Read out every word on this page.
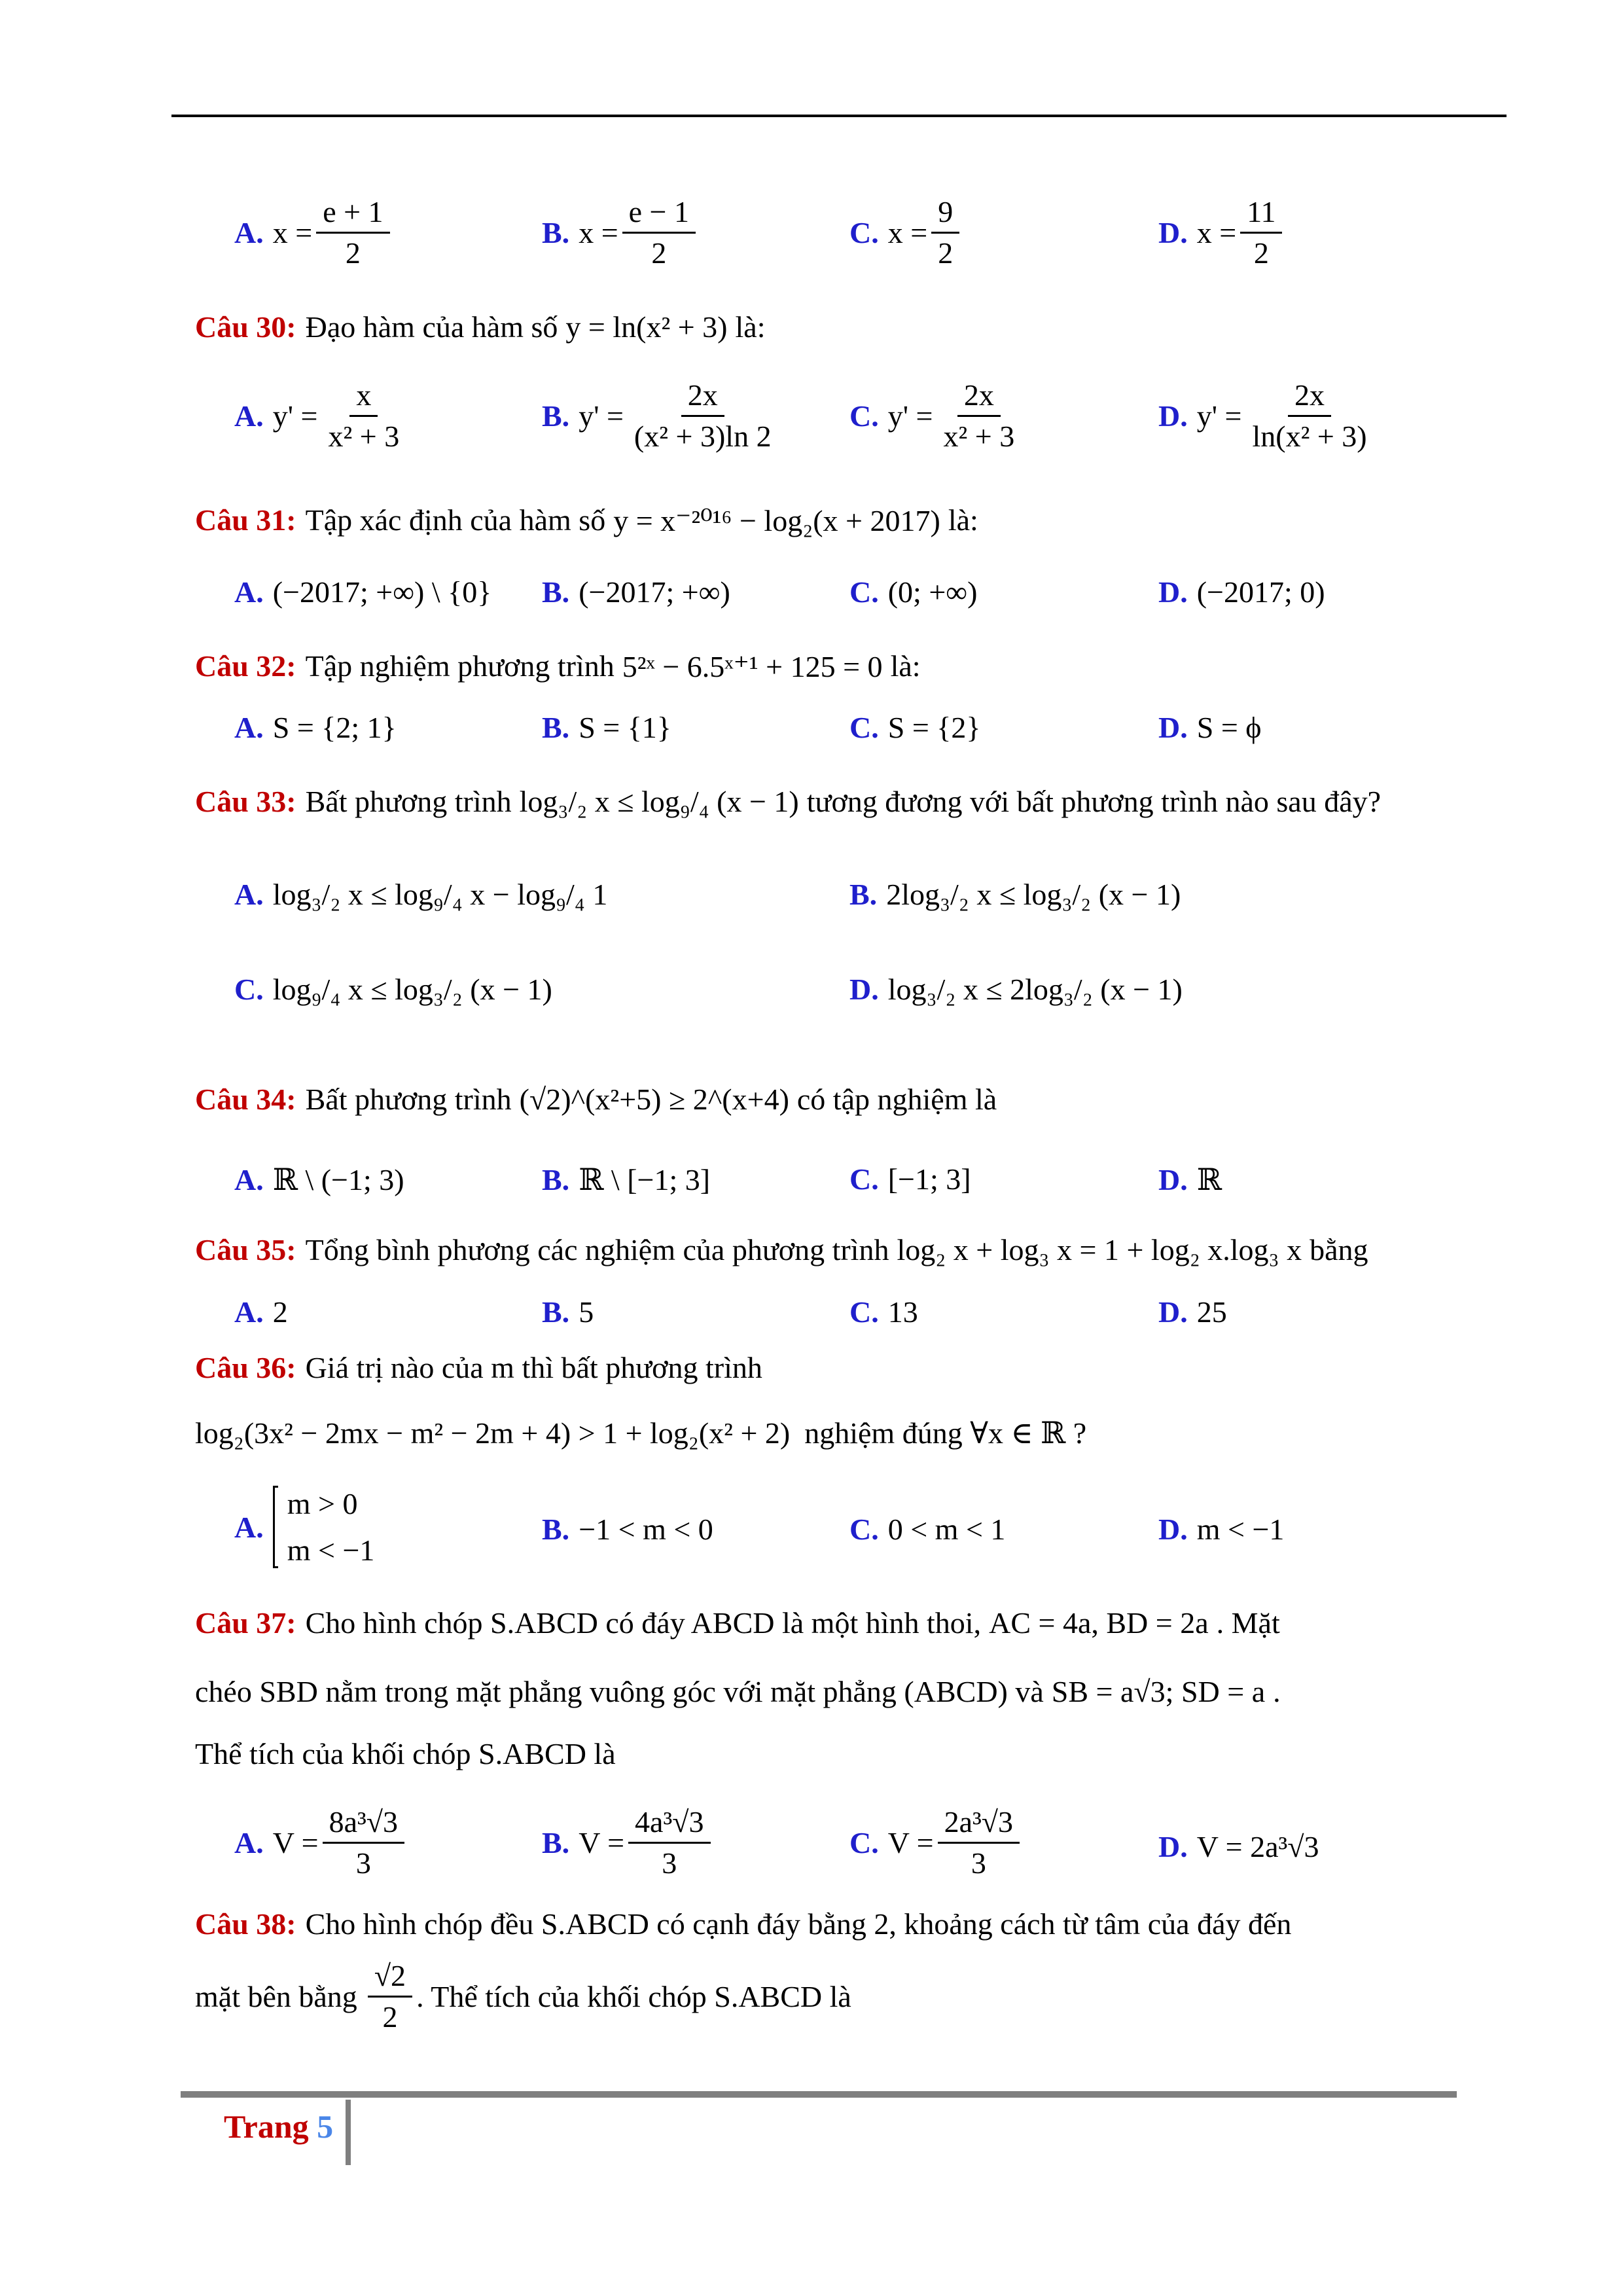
A. $x = \frac{e + 1}{2}$	B. $x = \frac{e - 1}{2}$	C. $x = \frac{9}{2}$	D. $x = \frac{11}{2}$
Câu 30: Đạo hàm của hàm số y = ln(x² + 3) là:
A. $y' = \frac{x}{\text{x² + 3}}$	B. $y' = \frac{2x}{\text{(x² + 3)ln 2}} C$. $y' = \frac{2x}{\text{x² + 3}}$	D. $y' = \frac{2x}{\text{ln(x² + 3)}}$
Câu 31: Tập xác định của hàm số y = x⁻²⁰¹⁶ − log₂(x + 2017) là:
A. (−2017; +∞) \ {0} B. (−2017; +∞)	C. (0; +∞)	D. (−2017; 0)
Câu 32: Tập nghiệm phương trình 5²ˣ − 6.5ˣ⁺¹ + 125 = 0 là:
A. S = {2; 1}	B. S = {1}	C. S = {2}	D. S = ϕ
Câu 33: Bất phương trình log₃/₂ x ≤ log₉/₄ (x − 1) tương đương với bất phương trình nào sau đây?
A. log₃/₂ x ≤ log₉/₄ x − log₉/₄ 1	B. 2log₃/₂ x ≤ log₃/₂ (x − 1)
C. log₉/₄ x ≤ log₃/₂ (x − 1)	D. log₃/₂ x ≤ 2log₃/₂ (x − 1)
Câu 34: Bất phương trình (√2)^(x²+5) ≥ 2^(x+4) có tập nghiệm là
A. ℝ \ (−1; 3)	B. ℝ \ [−1; 3]	C. [−1; 3]	D. ℝ
Câu 35: Tổng bình phương các nghiệm của phương trình log₂ x + log₃ x = 1 + log₂ x.log₃ x bằng
A. 2	B. 5	C. 13	D. 25
Câu 36: Giá trị nào của m thì bất phương trình
log₂(3x² − 2mx − m² − 2m + 4) > 1 + log₂(x² + 2) nghiệm đúng ∀x ∈ ℝ ?
A.
m > 0
m < −1
B. −1 < m < 0	C. 0 < m < 1	D. m < −1
Câu 37: Cho hình chóp S.ABCD có đáy ABCD là một hình thoi, AC = 4a, BD = 2a . Mặt
chéo SBD nằm trong mặt phẳng vuông góc với mặt phẳng (ABCD) và SB = a√3; SD = a .
Thể tích của khối chóp S.ABCD là
A. $V = \frac{\text{8a³√3}}{3}$	B. $V = \frac{\text{4a³√3}}{3}$	C. $V = \frac{\text{2a³√3}}{3}$	D. V = 2a³√3
Câu 38: Cho hình chóp đều S.ABCD có cạnh đáy bằng 2, khoảng cách từ tâm của đáy đến
mặt bên bằng $\frac{√2}{2}$ . Thể tích của khối chóp S.ABCD là
Trang 5
